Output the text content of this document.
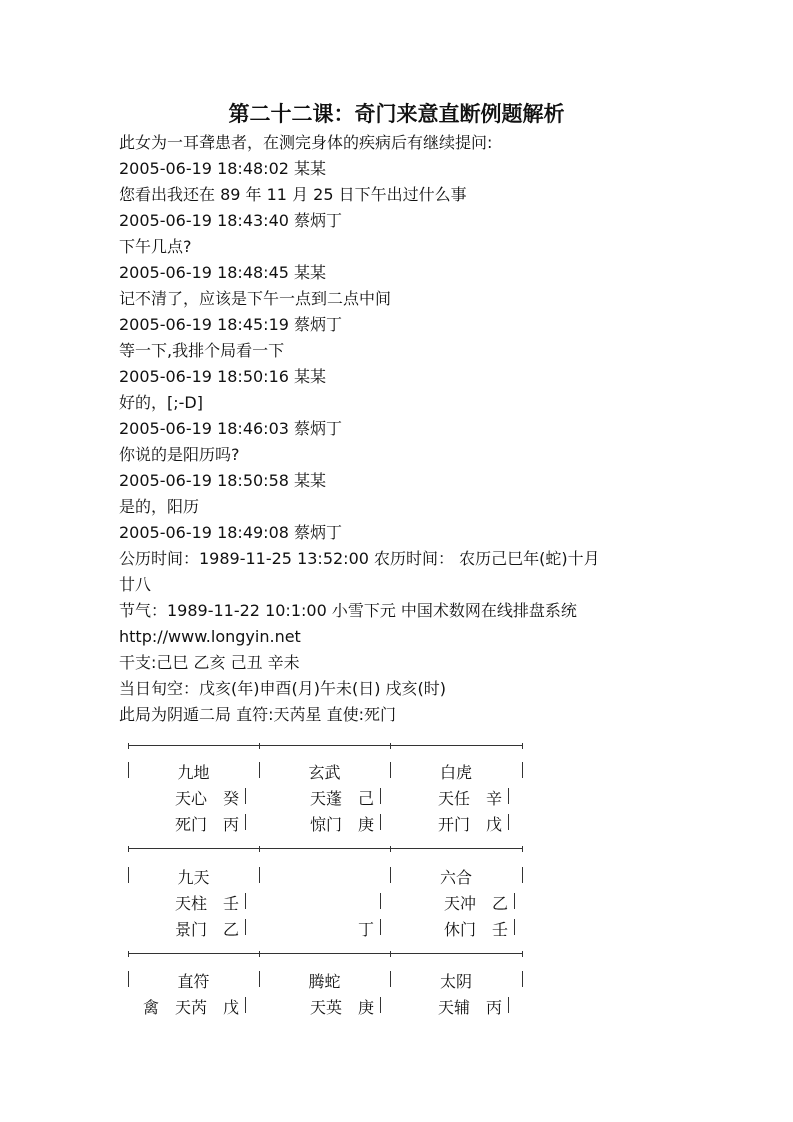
第二十二课：奇门来意直断例题解析
此女为一耳聋患者，在测完身体的疾病后有继续提问:
2005-06-19 18:48:02 某某
您看出我还在 89 年 11 月 25 日下午出过什么事
2005-06-19 18:43:40 蔡炳丁
下午几点?
2005-06-19 18:48:45 某某
记不清了，应该是下午一点到二点中间
2005-06-19 18:45:19 蔡炳丁
等一下,我排个局看一下
2005-06-19 18:50:16 某某
好的，[;-D]
2005-06-19 18:46:03 蔡炳丁
你说的是阳历吗?
2005-06-19 18:50:58 某某
是的，阳历
2005-06-19 18:49:08 蔡炳丁
公历时间：1989-11-25 13:52:00 农历时间： 农历己巳年(蛇)十月
廿八
节气：1989-11-22 10:1:00 小雪下元 中国术数网在线排盘系统
http://www.longyin.net
干支:己巳 乙亥 己丑 辛未
当日旬空：戊亥(年)申酉(月)午未(日) 戌亥(时)
此局为阴遁二局 直符:天芮星 直使:死门
九地
天心　癸
死门　丙
玄武
天蓬　己
惊门　庚
白虎
天任　辛
开门　戊
九天
天柱　壬
景门　乙	丁
六合
天冲　乙
休门　壬
直符
禽　天芮　戊
腾蛇
天英　庚
太阴
天辅　丙
